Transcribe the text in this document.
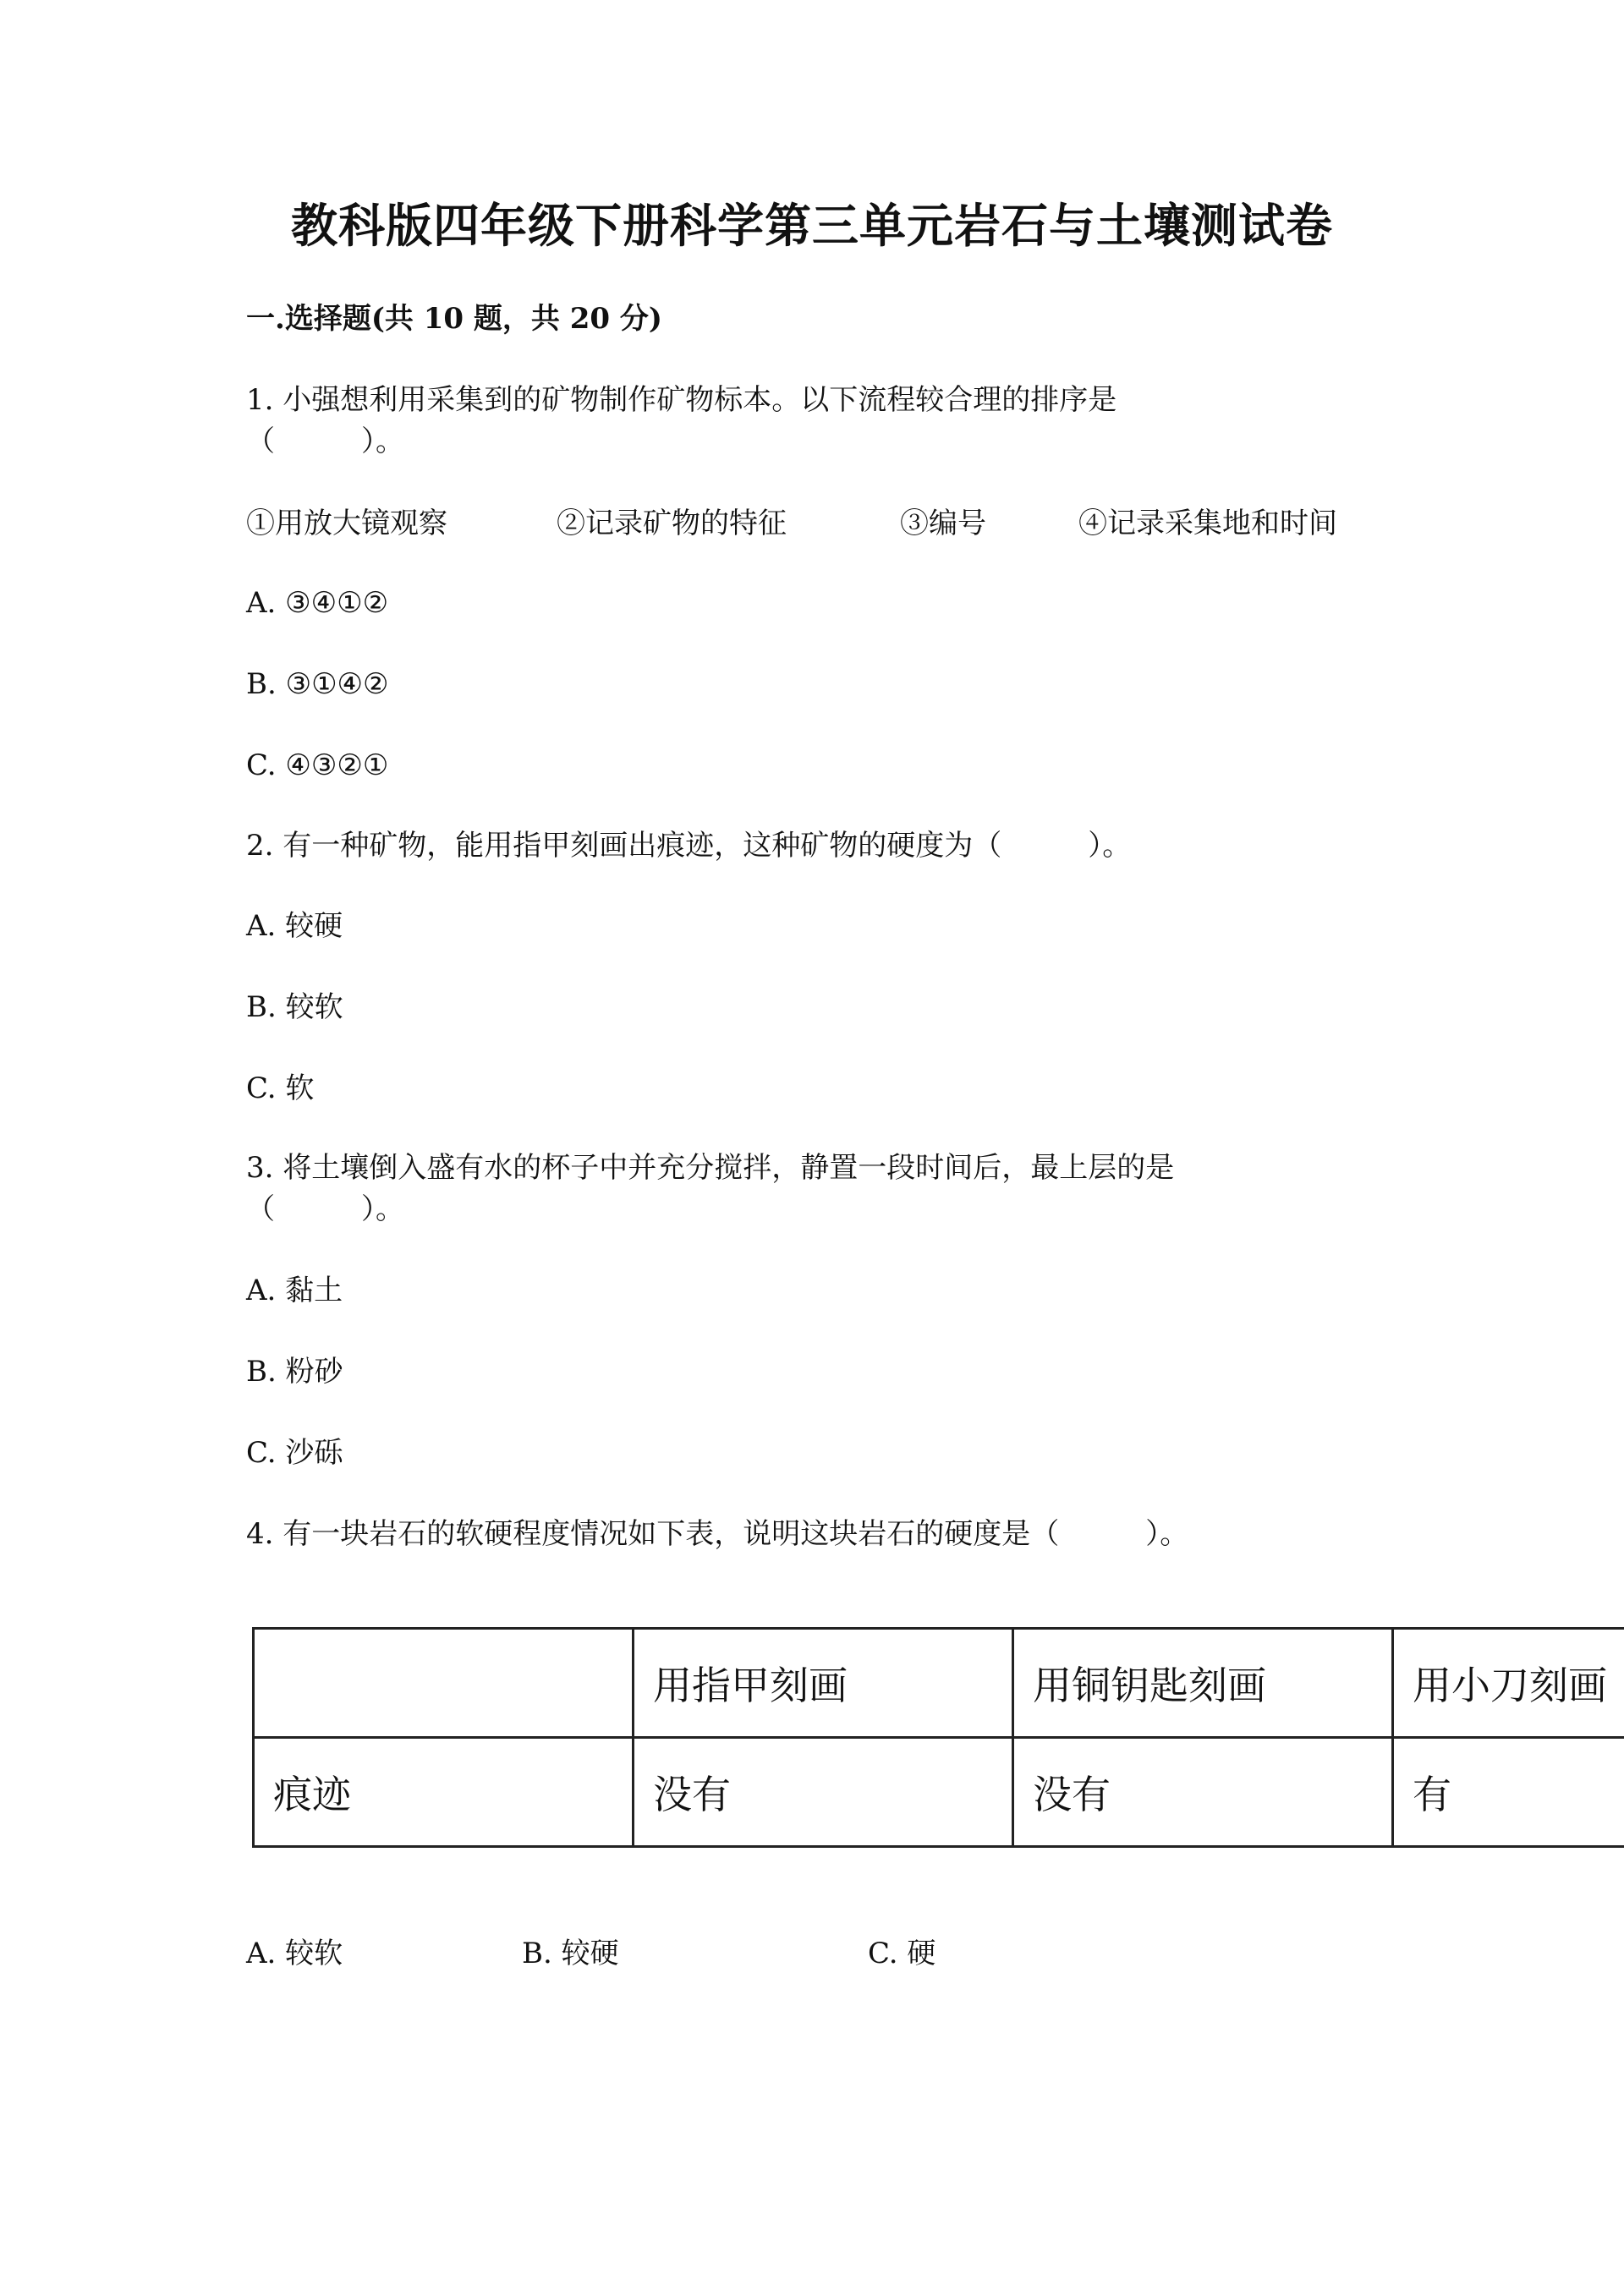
教科版四年级下册科学第三单元岩石与土壤测试卷
一.选择题(共 10 题，共 20 分)
1. 小强想利用采集到的矿物制作矿物标本。以下流程较合理的排序是
（　　　）。
①用放大镜观察	②记录矿物的特征	③编号	④记录采集地和时间
A. ③④①②
B. ③①④②
C. ④③②①
2. 有一种矿物，能用指甲刻画出痕迹，这种矿物的硬度为（　　　）。
A. 较硬
B. 较软
C. 软
3. 将土壤倒入盛有水的杯子中并充分搅拌，静置一段时间后，最上层的是
（　　　）。
A. 黏土
B. 粉砂
C. 沙砾
4. 有一块岩石的软硬程度情况如下表，说明这块岩石的硬度是（　　　）。
	用指甲刻画	用铜钥匙刻画	用小刀刻画
痕迹	没有	没有	有
A. 较软	B. 较硬	C. 硬
